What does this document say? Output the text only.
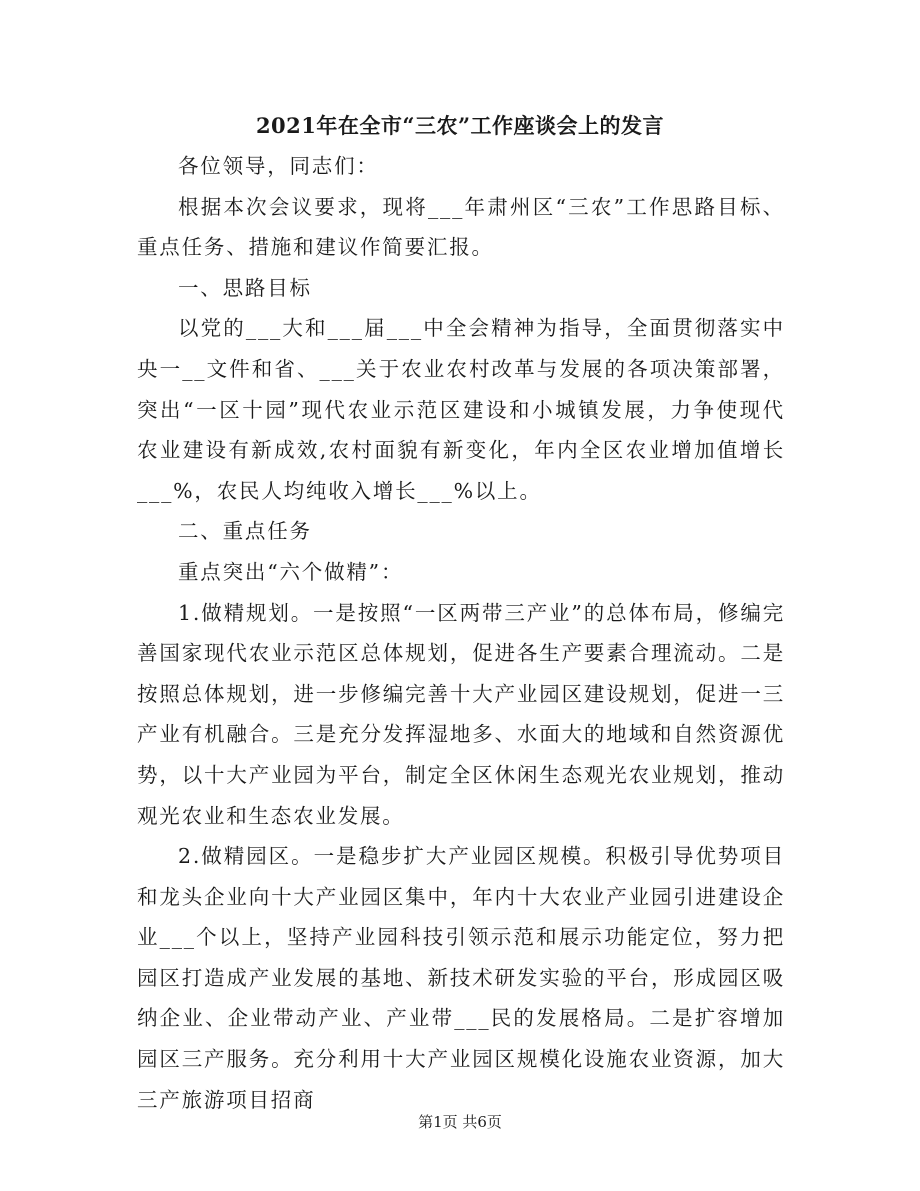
2021年在全市“三农”工作座谈会上的发言

各位领导，同志们：

根据本次会议要求，现将___年肃州区“三农”工作思路目标、重点任务、措施和建议作简要汇报。

一、思路目标

以党的___大和___届___中全会精神为指导，全面贯彻落实中央一__文件和省、___关于农业农村改革与发展的各项决策部署，突出“一区十园”现代农业示范区建设和小城镇发展，力争使现代农业建设有新成效,农村面貌有新变化，年内全区农业增加值增长___%，农民人均纯收入增长___%以上。

二、重点任务

重点突出“六个做精”：

1.做精规划。一是按照“一区两带三产业”的总体布局，修编完善国家现代农业示范区总体规划，促进各生产要素合理流动。二是按照总体规划，进一步修编完善十大产业园区建设规划，促进一三产业有机融合。三是充分发挥湿地多、水面大的地域和自然资源优势，以十大产业园为平台，制定全区休闲生态观光农业规划，推动观光农业和生态农业发展。

2.做精园区。一是稳步扩大产业园区规模。积极引导优势项目和龙头企业向十大产业园区集中，年内十大农业产业园引进建设企业___个以上，坚持产业园科技引领示范和展示功能定位，努力把园区打造成产业发展的基地、新技术研发实验的平台，形成园区吸纳企业、企业带动产业、产业带___民的发展格局。二是扩容增加园区三产服务。充分利用十大产业园区规模化设施农业资源，加大三产旅游项目招商

第1页 共6页
